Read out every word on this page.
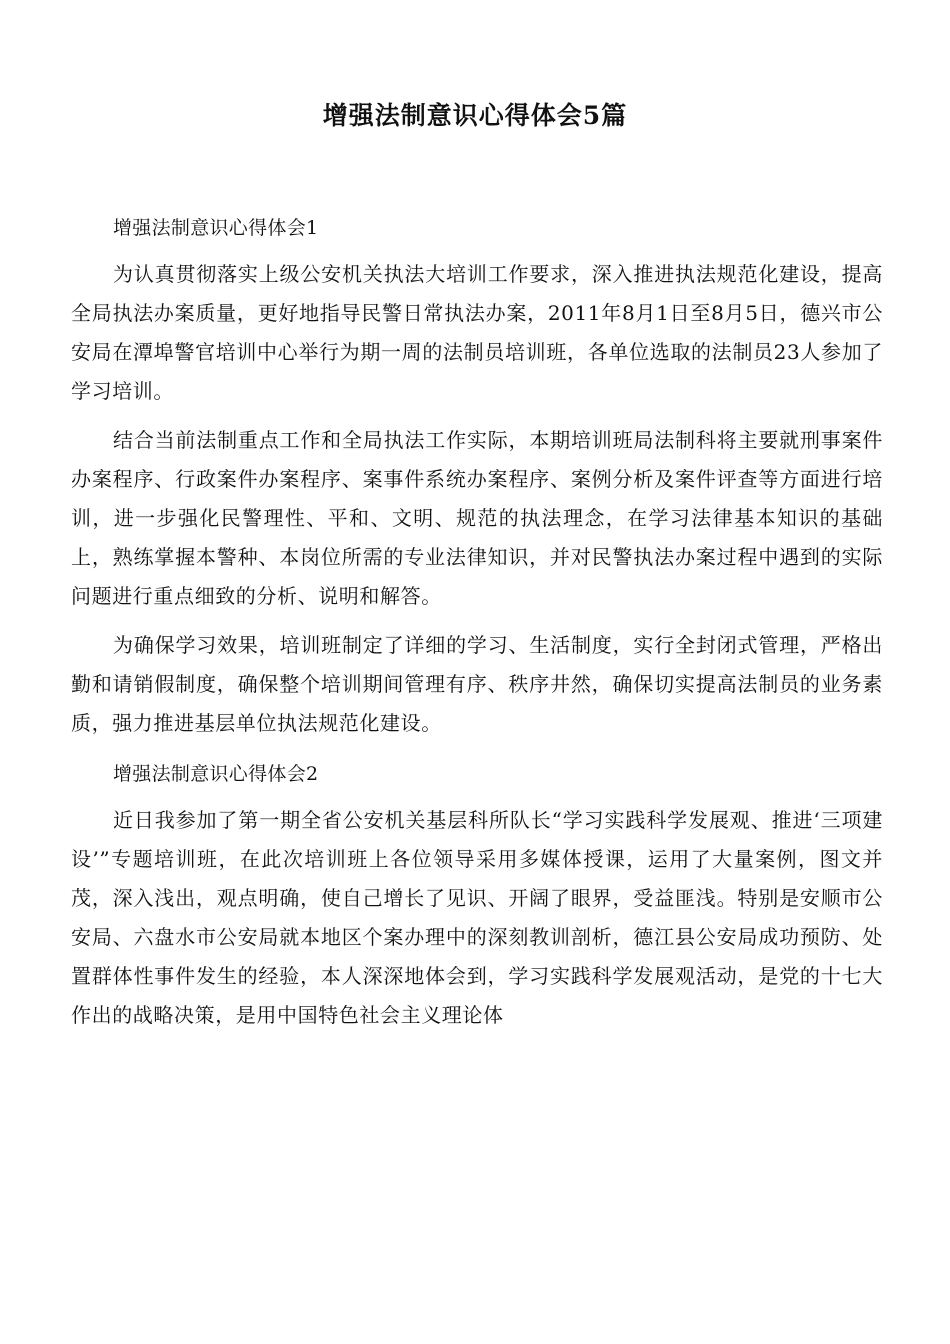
增强法制意识心得体会5篇

增强法制意识心得体会1

为认真贯彻落实上级公安机关执法大培训工作要求，深入推进执法规范化建设，提高全局执法办案质量，更好地指导民警日常执法办案，2011年8月1日至8月5日，德兴市公安局在潭埠警官培训中心举行为期一周的法制员培训班，各单位选取的法制员23人参加了学习培训。

结合当前法制重点工作和全局执法工作实际，本期培训班局法制科将主要就刑事案件办案程序、行政案件办案程序、案事件系统办案程序、案例分析及案件评查等方面进行培训，进一步强化民警理性、平和、文明、规范的执法理念，在学习法律基本知识的基础上，熟练掌握本警种、本岗位所需的专业法律知识，并对民警执法办案过程中遇到的实际问题进行重点细致的分析、说明和解答。

为确保学习效果，培训班制定了详细的学习、生活制度，实行全封闭式管理，严格出勤和请销假制度，确保整个培训期间管理有序、秩序井然，确保切实提高法制员的业务素质，强力推进基层单位执法规范化建设。

增强法制意识心得体会2

近日我参加了第一期全省公安机关基层科所队长“学习实践科学发展观、推进‘三项建设’”专题培训班，在此次培训班上各位领导采用多媒体授课，运用了大量案例，图文并茂，深入浅出，观点明确，使自己增长了见识、开阔了眼界，受益匪浅。特别是安顺市公安局、六盘水市公安局就本地区个案办理中的深刻教训剖析，德江县公安局成功预防、处置群体性事件发生的经验，本人深深地体会到，学习实践科学发展观活动，是党的十七大作出的战略决策，是用中国特色社会主义理论体
